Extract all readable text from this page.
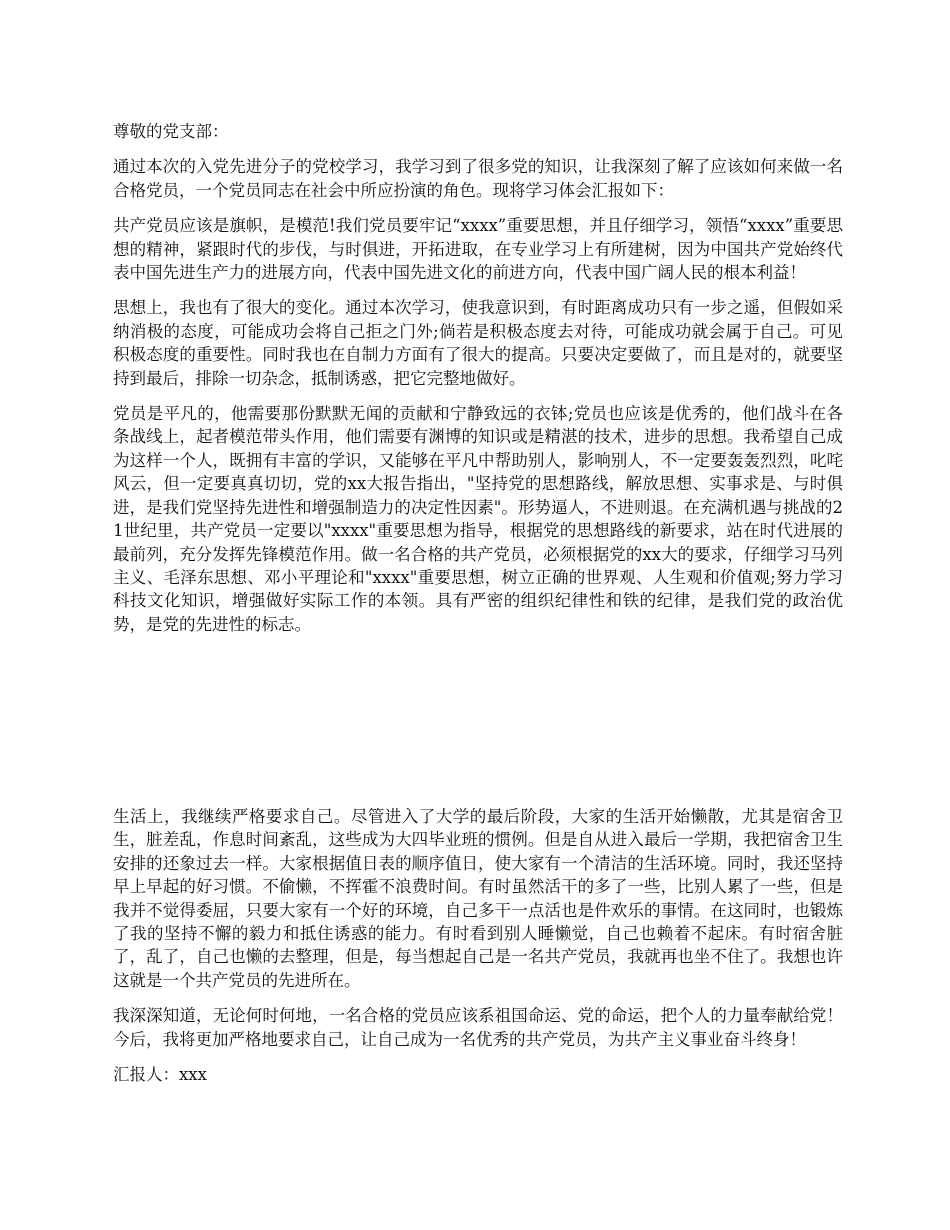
尊敬的党支部：

通过本次的入党先进分子的党校学习，我学习到了很多党的知识，让我深刻了解了应该如何来做一名合格党员，一个党员同志在社会中所应扮演的角色。现将学习体会汇报如下：

共产党员应该是旗帜，是模范!我们党员要牢记“xxxx”重要思想，并且仔细学习，领悟“xxxx”重要思想的精神，紧跟时代的步伐，与时俱进，开拓进取，在专业学习上有所建树，因为中国共产党始终代表中国先进生产力的进展方向，代表中国先进文化的前进方向，代表中国广阔人民的根本利益！

思想上，我也有了很大的变化。通过本次学习，使我意识到，有时距离成功只有一步之遥，但假如采纳消极的态度，可能成功会将自己拒之门外;倘若是积极态度去对待，可能成功就会属于自己。可见积极态度的重要性。同时我也在自制力方面有了很大的提高。只要决定要做了，而且是对的，就要坚持到最后，排除一切杂念，抵制诱惑，把它完整地做好。

党员是平凡的，他需要那份默默无闻的贡献和宁静致远的衣钵;党员也应该是优秀的，他们战斗在各条战线上，起者模范带头作用，他们需要有渊博的知识或是精湛的技术，进步的思想。我希望自己成为这样一个人，既拥有丰富的学识，又能够在平凡中帮助别人，影响别人，不一定要轰轰烈烈，叱咤风云，但一定要真真切切，党的xx大报告指出，"坚持党的思想路线，解放思想、实事求是、与时俱进，是我们党坚持先进性和增强制造力的决定性因素"。形势逼人，不进则退。在充满机遇与挑战的21世纪里，共产党员一定要以"xxxx"重要思想为指导，根据党的思想路线的新要求，站在时代进展的最前列，充分发挥先锋模范作用。做一名合格的共产党员，必须根据党的xx大的要求，仔细学习马列主义、毛泽东思想、邓小平理论和"xxxx"重要思想，树立正确的世界观、人生观和价值观;努力学习科技文化知识，增强做好实际工作的本领。具有严密的组织纪律性和铁的纪律，是我们党的政治优势，是党的先进性的标志。

生活上，我继续严格要求自己。尽管进入了大学的最后阶段，大家的生活开始懒散，尤其是宿舍卫生，脏差乱，作息时间紊乱，这些成为大四毕业班的惯例。但是自从进入最后一学期，我把宿舍卫生安排的还象过去一样。大家根据值日表的顺序值日，使大家有一个清洁的生活环境。同时，我还坚持早上早起的好习惯。不偷懒，不挥霍不浪费时间。有时虽然活干的多了一些，比别人累了一些，但是我并不觉得委屈，只要大家有一个好的环境，自己多干一点活也是件欢乐的事情。在这同时，也锻炼了我的坚持不懈的毅力和抵住诱惑的能力。有时看到别人睡懒觉，自己也赖着不起床。有时宿舍脏了，乱了，自己也懒的去整理，但是，每当想起自己是一名共产党员，我就再也坐不住了。我想也许这就是一个共产党员的先进所在。

我深深知道，无论何时何地，一名合格的党员应该系祖国命运、党的命运，把个人的力量奉献给党！今后，我将更加严格地要求自己，让自己成为一名优秀的共产党员，为共产主义事业奋斗终身！

汇报人：xxx
